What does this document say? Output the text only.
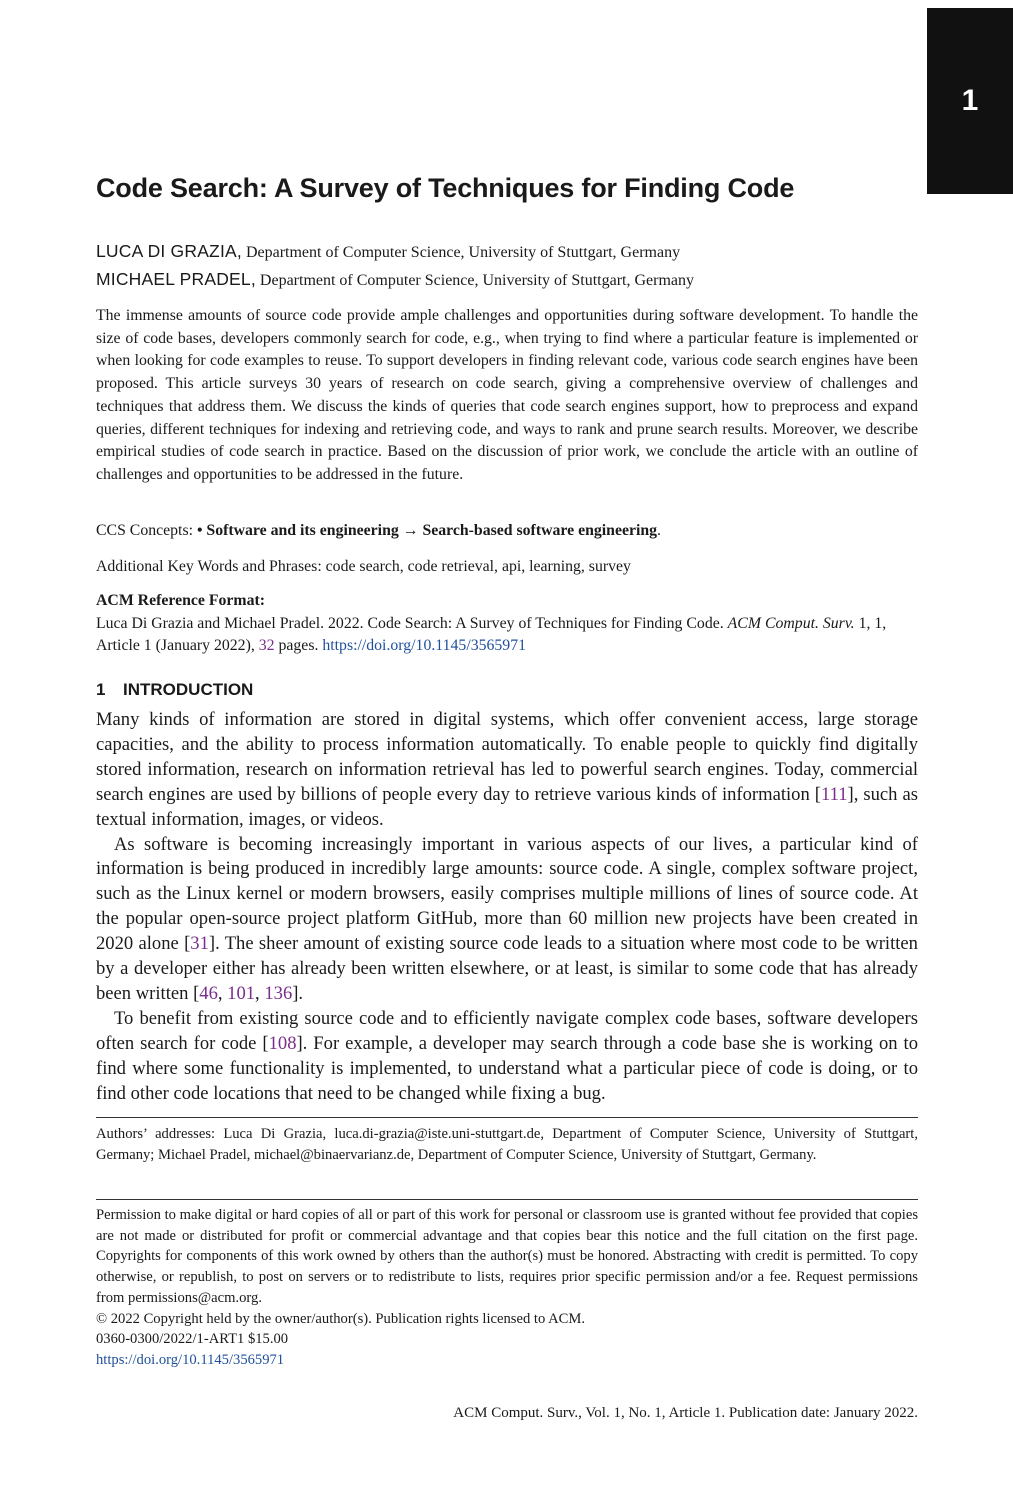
1
Code Search: A Survey of Techniques for Finding Code
LUCA DI GRAZIA, Department of Computer Science, University of Stuttgart, Germany
MICHAEL PRADEL, Department of Computer Science, University of Stuttgart, Germany

The immense amounts of source code provide ample challenges and opportunities during software development. To handle the size of code bases, developers commonly search for code, e.g., when trying to find where a particular feature is implemented or when looking for code examples to reuse. To support developers in finding relevant code, various code search engines have been proposed. This article surveys 30 years of research on code search, giving a comprehensive overview of challenges and techniques that address them. We discuss the kinds of queries that code search engines support, how to preprocess and expand queries, different techniques for indexing and retrieving code, and ways to rank and prune search results. Moreover, we describe empirical studies of code search in practice. Based on the discussion of prior work, we conclude the article with an outline of challenges and opportunities to be addressed in the future.

CCS Concepts: • Software and its engineering → Search-based software engineering.

Additional Key Words and Phrases: code search, code retrieval, api, learning, survey

ACM Reference Format:
Luca Di Grazia and Michael Pradel. 2022. Code Search: A Survey of Techniques for Finding Code. ACM Comput. Surv. 1, 1, Article 1 (January 2022), 32 pages. https://doi.org/10.1145/3565971
1 INTRODUCTION

Many kinds of information are stored in digital systems, which offer convenient access, large storage capacities, and the ability to process information automatically. To enable people to quickly find digitally stored information, research on information retrieval has led to powerful search engines. Today, commercial search engines are used by billions of people every day to retrieve various kinds of information [111], such as textual information, images, or videos.

As software is becoming increasingly important in various aspects of our lives, a particular kind of information is being produced in incredibly large amounts: source code. A single, complex software project, such as the Linux kernel or modern browsers, easily comprises multiple millions of lines of source code. At the popular open-source project platform GitHub, more than 60 million new projects have been created in 2020 alone [31]. The sheer amount of existing source code leads to a situation where most code to be written by a developer either has already been written elsewhere, or at least, is similar to some code that has already been written [46, 101, 136].

To benefit from existing source code and to efficiently navigate complex code bases, software developers often search for code [108]. For example, a developer may search through a code base she is working on to find where some functionality is implemented, to understand what a particular piece of code is doing, or to find other code locations that need to be changed while fixing a bug.

Authors’ addresses: Luca Di Grazia, luca.di-grazia@iste.uni-stuttgart.de, Department of Computer Science, University of Stuttgart, Germany; Michael Pradel, michael@binaervarianz.de, Department of Computer Science, University of Stuttgart, Germany.

Permission to make digital or hard copies of all or part of this work for personal or classroom use is granted without fee provided that copies are not made or distributed for profit or commercial advantage and that copies bear this notice and the full citation on the first page. Copyrights for components of this work owned by others than the author(s) must be honored. Abstracting with credit is permitted. To copy otherwise, or republish, to post on servers or to redistribute to lists, requires prior specific permission and/or a fee. Request permissions from permissions@acm.org.

© 2022 Copyright held by the owner/author(s). Publication rights licensed to ACM.

0360-0300/2022/1-ART1 $15.00

https://doi.org/10.1145/3565971

ACM Comput. Surv., Vol. 1, No. 1, Article 1. Publication date: January 2022.
